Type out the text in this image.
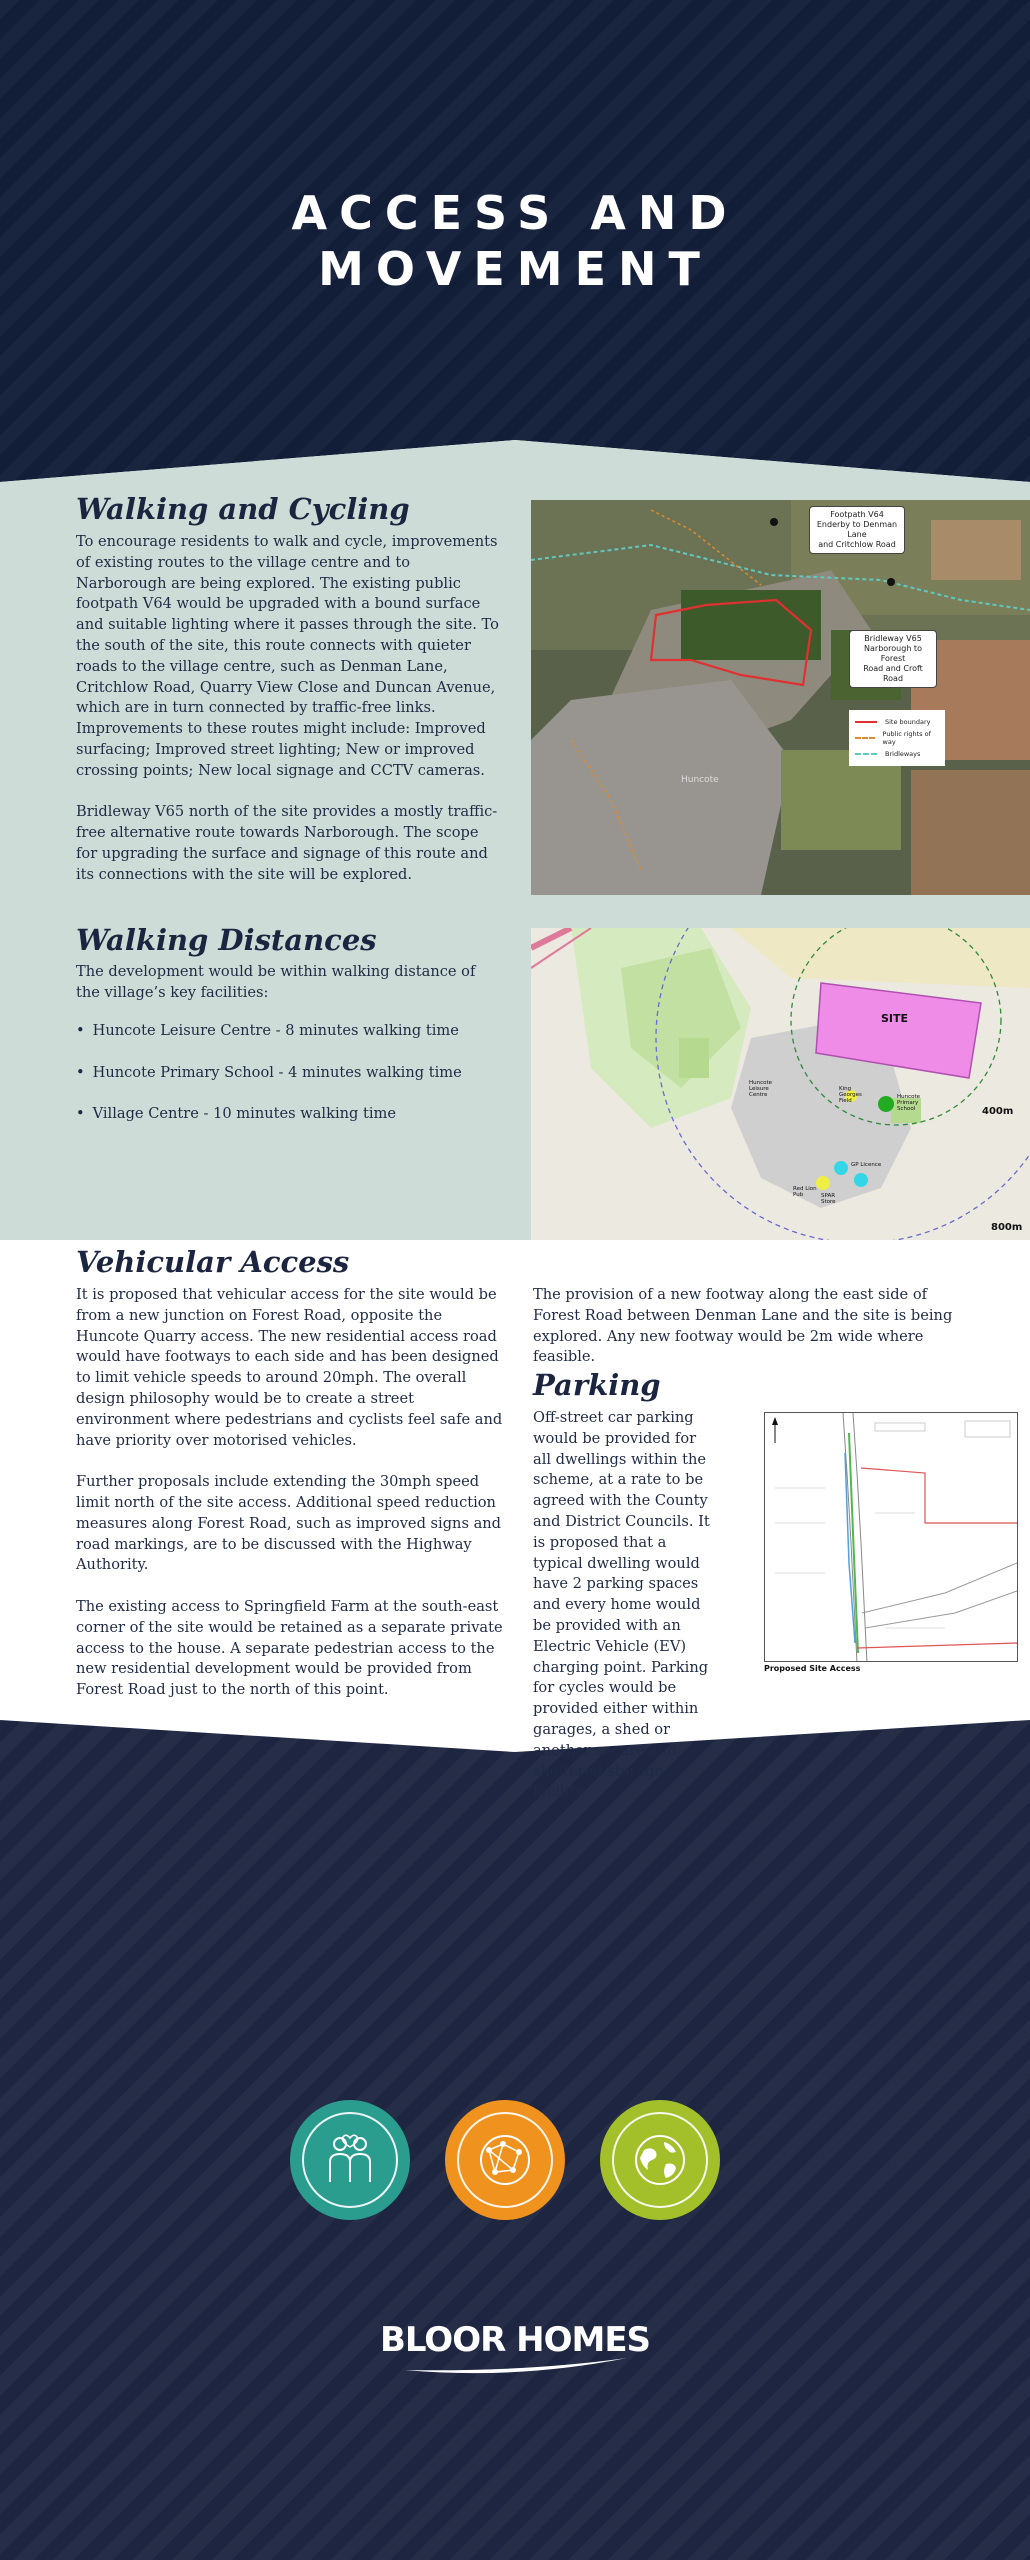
ACCESS AND
MOVEMENT
Walking and Cycling

To encourage residents to walk and cycle, improvements of existing routes to the village centre and to Narborough are being explored. The existing public footpath V64 would be upgraded with a bound surface and suitable lighting where it passes through the site. To the south of the site, this route connects with quieter roads to the village centre, such as Denman Lane, Critchlow Road, Quarry View Close and Duncan Avenue, which are in turn connected by traffic-free links. Improvements to these routes might include: Improved surfacing; Improved street lighting; New or improved crossing points; New local signage and CCTV cameras.

Bridleway V65 north of the site provides a mostly traffic-free alternative route towards Narborough. The scope for upgrading the surface and signage of this route and its connections with the site will be explored.

Footpath V64
Enderby to Denman Lane
and Critchlow Road
Bridleway V65
Narborough to Forest
Road and Croft Road
Site boundary
Public rights of way
Bridleways
Huncote
Walking Distances
The development would be within walking distance of the village’s key facilities:
• Huncote Leisure Centre - 8 minutes walking time
• Huncote Primary School - 4 minutes walking time
• Village Centre - 10 minutes walking time
SITE
400m
800m
Huncote Leisure Centre
King Georges Field
Huncote Primary School
GP Licence
Red Lion Pub	SPAR Store
Vehicular Access

It is proposed that vehicular access for the site would be from a new junction on Forest Road, opposite the Huncote Quarry access. The new residential access road would have footways to each side and has been designed to limit vehicle speeds to around 20mph. The overall design philosophy would be to create a street environment where pedestrians and cyclists feel safe and have priority over motorised vehicles.

Further proposals include extending the 30mph speed limit north of the site access. Additional speed reduction measures along Forest Road, such as improved signs and road markings, are to be discussed with the Highway Authority.

The existing access to Springfield Farm at the south-east corner of the site would be retained as a separate private access to the house. A separate pedestrian access to the new residential development would be provided from Forest Road just to the north of this point.

The provision of a new footway along the east side of Forest Road between Denman Lane and the site is being explored. Any new footway would be 2m wide where feasible.
Parking
Off-street car parking would be provided for all dwellings within the scheme, at a rate to be agreed with the County and District Councils. It is proposed that a typical dwelling would have 2 parking spaces and every home would be provided with an Electric Vehicle (EV) charging point. Parking for cycles would be provided either within garages, a shed or another secure and sheltered storage facility.
Proposed Site Access
BLOOR HOMES
